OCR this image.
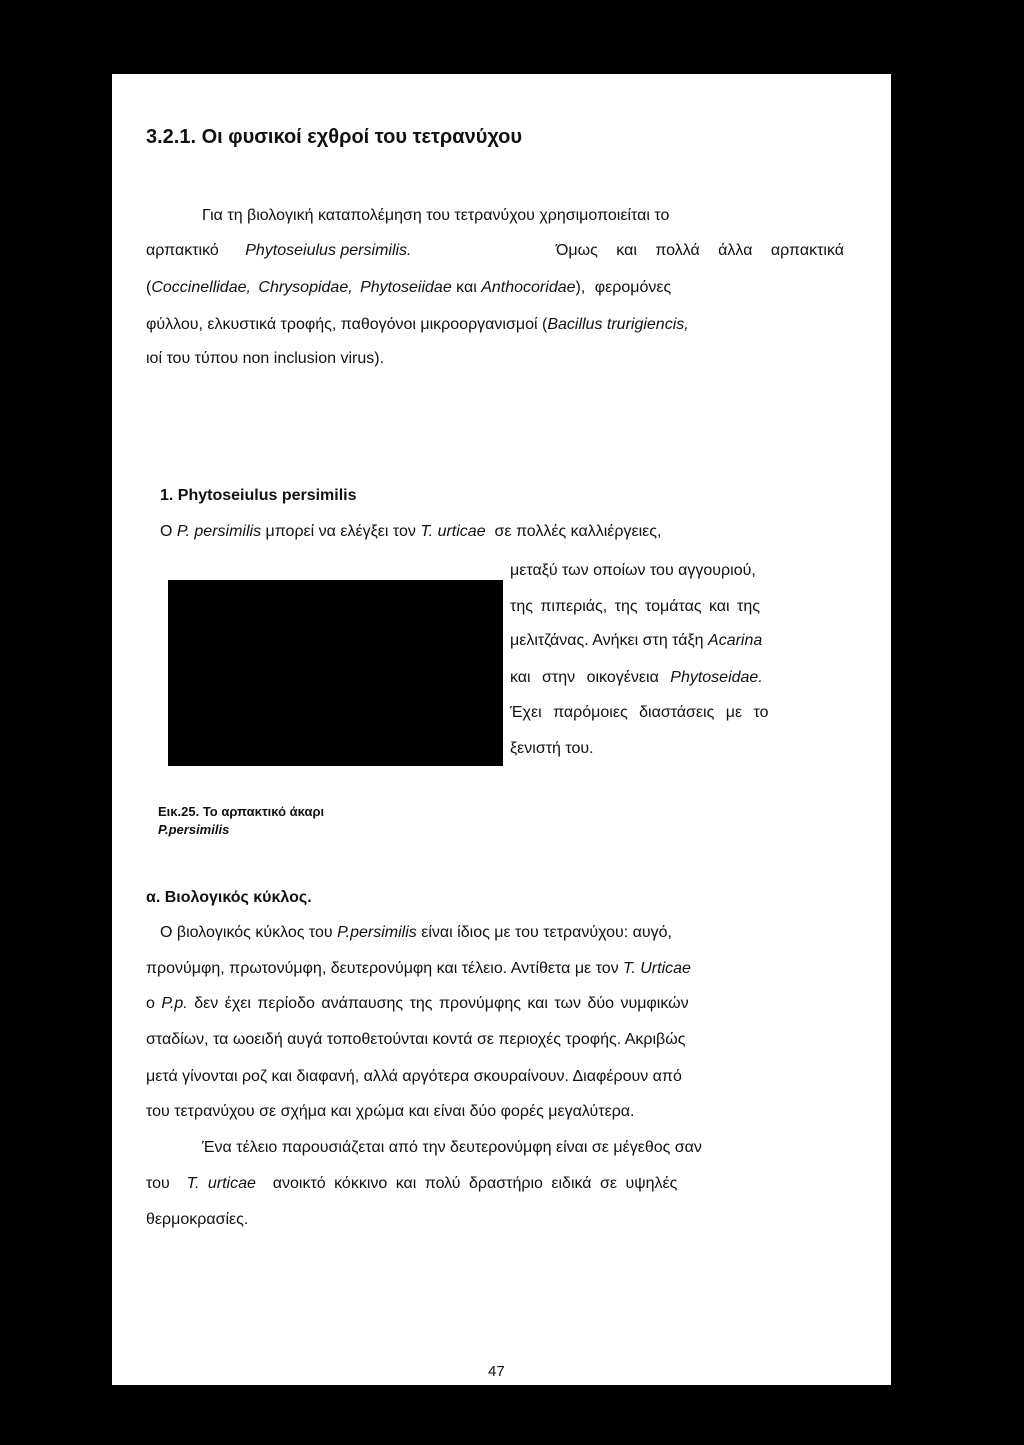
3.2.1. Οι φυσικοί εχθροί του τετρανύχου
Για τη βιολογική καταπολέμηση του τετρανύχου χρησιμοποιείται το
αρπακτικό Phytoseiulus persimilis.	Όμως και πολλά άλλα αρπακτικά
(Coccinellidae, Chrysopidae, Phytoseiidae και Anthocoridae), φερομόνες
φύλλου, ελκυστικά τροφής, παθογόνοι μικροοργανισμοί (Bacillus trurigiencis,
ιοί του τύπου non inclusion virus).
1. Phytoseiulus persimilis
O P. persimilis μπορεί να ελέγξει τον T. urticae  σε πολλές καλλιέργειες,
μεταξύ των οποίων του αγγουριού,
της πιπεριάς, της τομάτας και της
μελιτζάνας. Ανήκει στη τάξη Acarina
και στην οικογένεια Phytoseidae.
Έχει παρόμοιες διαστάσεις με το
ξενιστή του.
Εικ.25. Το αρπακτικό άκαρι
P.persimilis
α. Βιολογικός κύκλος.
Ο βιολογικός κύκλος του P.persimilis είναι ίδιος με του τετρανύχου: αυγό,
προνύμφη, πρωτονύμφη, δευτερονύμφη και τέλειο. Αντίθετα με τον T. Urticae
ο P.p. δεν έχει περίοδο ανάπαυσης της προνύμφης και των δύο νυμφικών
σταδίων, τα ωοειδή αυγά τοποθετούνται κοντά σε περιοχές τροφής. Ακριβώς
μετά γίνονται ροζ και διαφανή, αλλά αργότερα σκουραίνουν. Διαφέρουν από
του τετρανύχου σε σχήμα και χρώμα και είναι δύο φορές μεγαλύτερα.
Ένα τέλειο παρουσιάζεται από την δευτερονύμφη είναι σε μέγεθος σαν
του  T. urticae  ανοικτό κόκκινο και πολύ δραστήριο ειδικά σε υψηλές
θερμοκρασίες.
47
